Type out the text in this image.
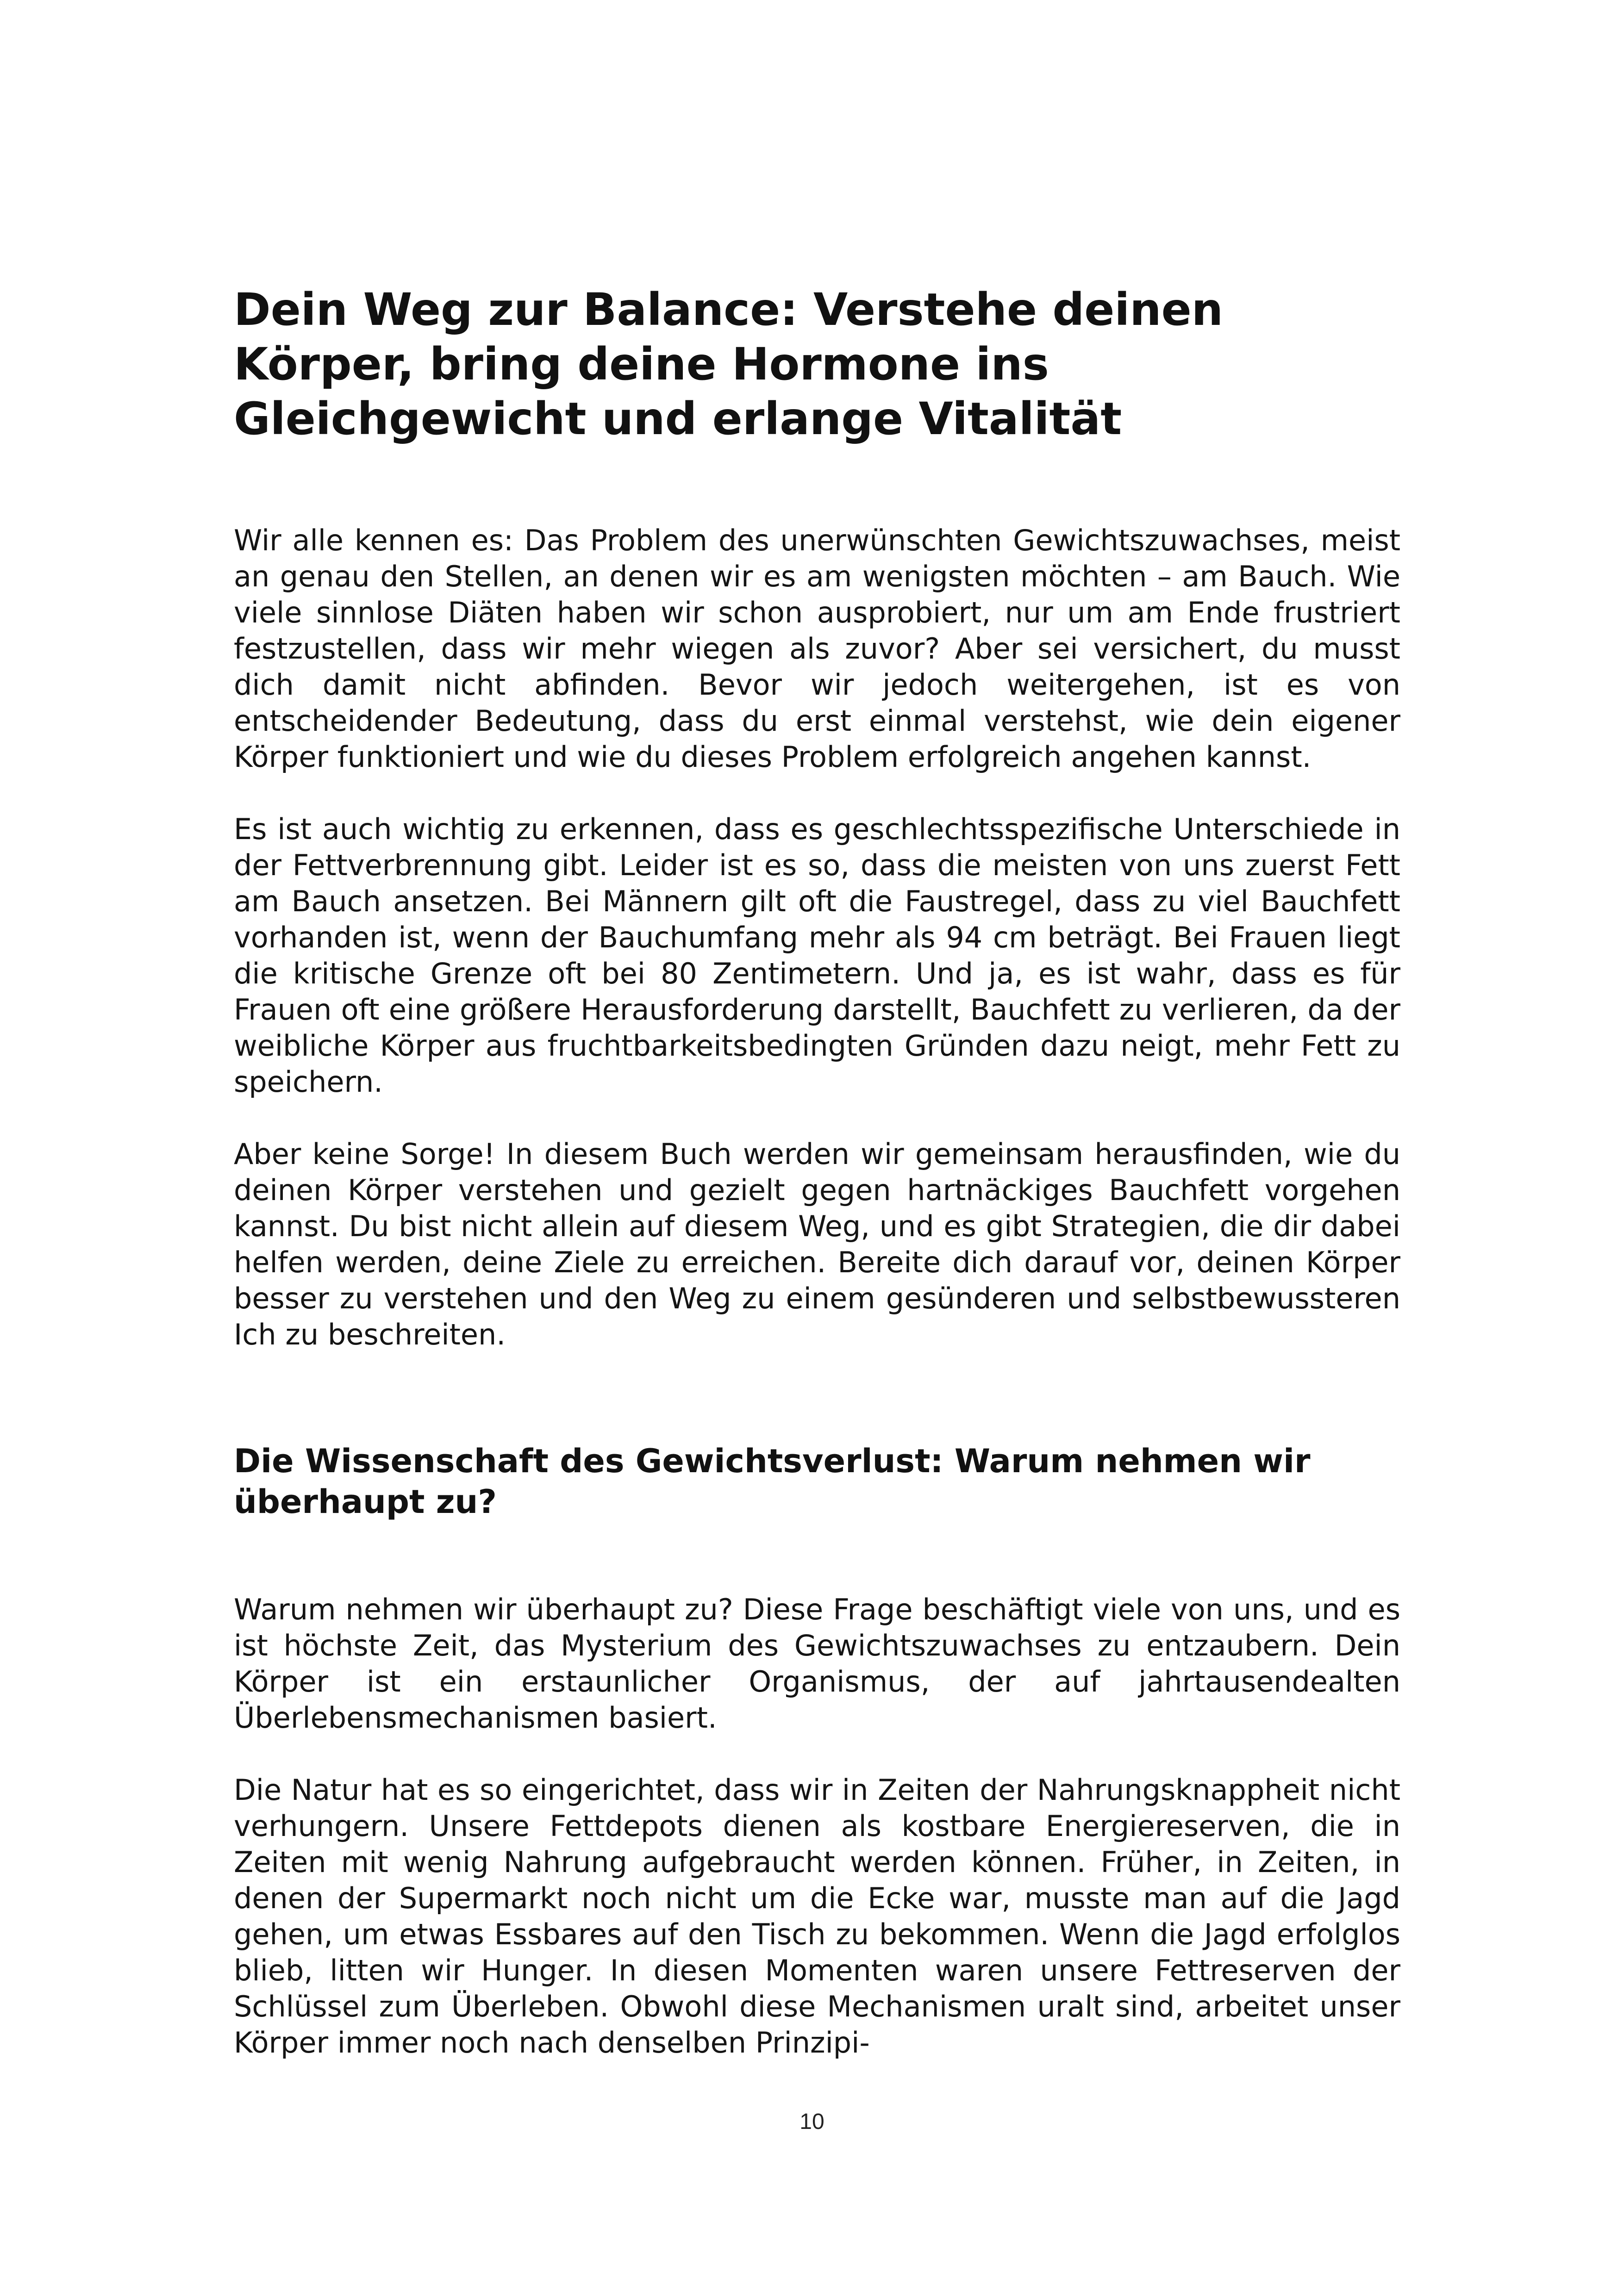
Dein Weg zur Balance: Verstehe deinen Körper, bring deine Hormone ins Gleichgewicht und erlange Vitalität

Wir alle kennen es: Das Problem des unerwünschten Gewichtszuwachses, meist an genau den Stellen, an denen wir es am wenigsten möchten – am Bauch. Wie viele sinnlose Diäten haben wir schon ausprobiert, nur um am Ende frustriert festzustellen, dass wir mehr wiegen als zuvor? Aber sei versichert, du musst dich damit nicht abfinden. Bevor wir jedoch weitergehen, ist es von entscheidender Bedeutung, dass du erst einmal verstehst, wie dein eigener Körper funktioniert und wie du dieses Problem erfolgreich angehen kannst.

Es ist auch wichtig zu erkennen, dass es geschlechtsspezifische Unterschiede in der Fettverbrennung gibt. Leider ist es so, dass die meisten von uns zuerst Fett am Bauch ansetzen. Bei Männern gilt oft die Faustregel, dass zu viel Bauchfett vorhanden ist, wenn der Bauchumfang mehr als 94 cm beträgt. Bei Frauen liegt die kritische Grenze oft bei 80 Zentimetern. Und ja, es ist wahr, dass es für Frauen oft eine größere Herausforderung darstellt, Bauchfett zu verlieren, da der weibliche Körper aus fruchtbarkeitsbedingten Gründen dazu neigt, mehr Fett zu speichern.

Aber keine Sorge! In diesem Buch werden wir gemeinsam herausfinden, wie du deinen Körper verstehen und gezielt gegen hartnäckiges Bauchfett vorgehen kannst. Du bist nicht allein auf diesem Weg, und es gibt Strategien, die dir dabei helfen werden, deine Ziele zu erreichen. Bereite dich darauf vor, deinen Körper besser zu verstehen und den Weg zu einem gesünderen und selbstbewussteren Ich zu beschreiten.

Die Wissenschaft des Gewichtsverlust: Warum nehmen wir überhaupt zu?

Warum nehmen wir überhaupt zu? Diese Frage beschäftigt viele von uns, und es ist höchste Zeit, das Mysterium des Gewichtszuwachses zu entzaubern. Dein Körper ist ein erstaunlicher Organismus, der auf jahrtausendealten Überlebensmechanismen basiert.

Die Natur hat es so eingerichtet, dass wir in Zeiten der Nahrungsknappheit nicht verhungern. Unsere Fettdepots dienen als kostbare Energiereserven, die in Zeiten mit wenig Nahrung aufgebraucht werden können. Früher, in Zeiten, in denen der Supermarkt noch nicht um die Ecke war, musste man auf die Jagd gehen, um etwas Essbares auf den Tisch zu bekommen. Wenn die Jagd erfolglos blieb, litten wir Hunger. In diesen Momenten waren unsere Fettreserven der Schlüssel zum Überleben. Obwohl diese Mechanismen uralt sind, arbeitet unser Körper immer noch nach denselben Prinzipi-

10
